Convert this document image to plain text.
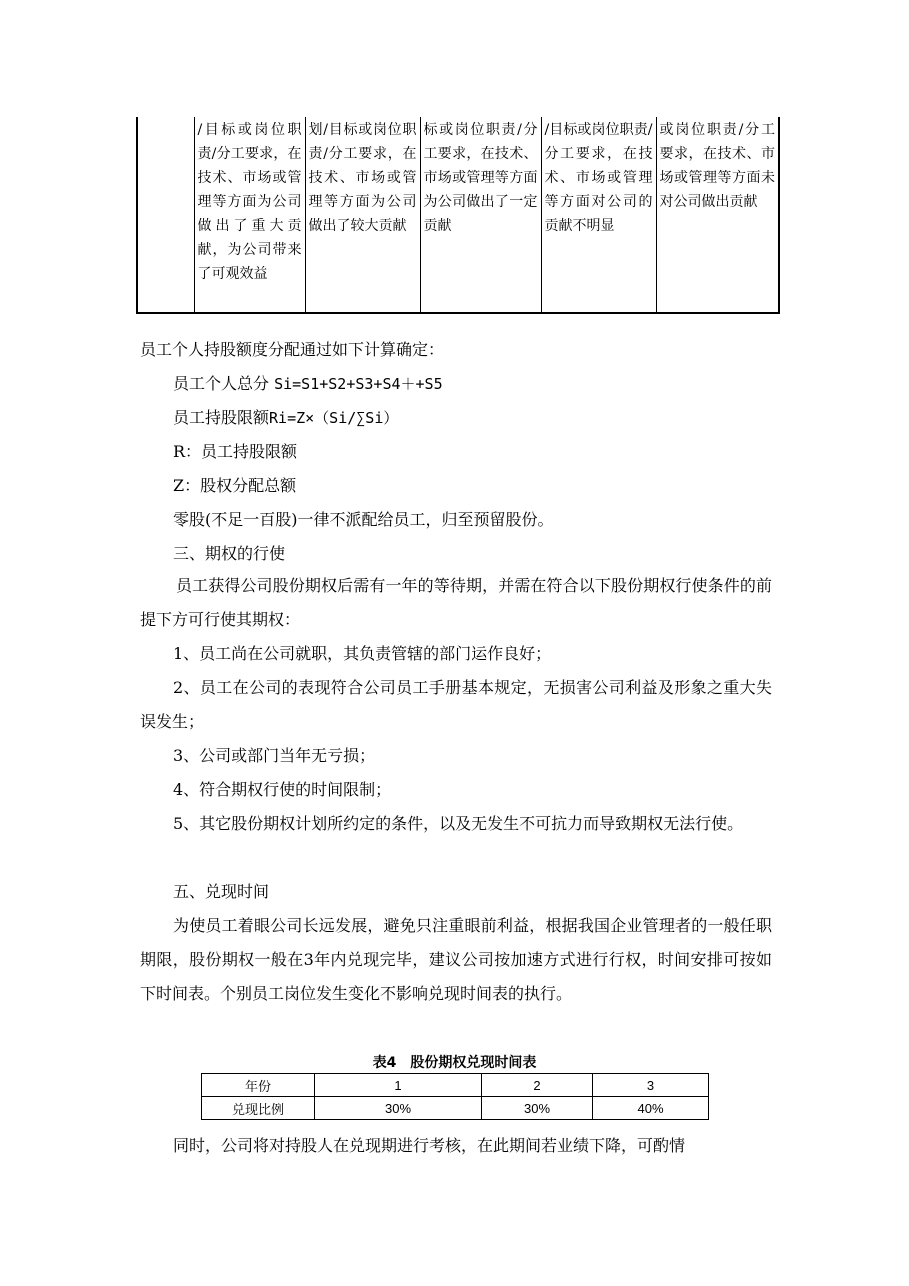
	/目标或岗位职责/分工要求，在技术、市场或管理等方面为公司做出了重大贡献，为公司带来了可观效益	划/目标或岗位职责/分工要求，在技术、市场或管理等方面为公司做出了较大贡献	标或岗位职责/分工要求，在技术、市场或管理等方面为公司做出了一定贡献	/目标或岗位职责/分工要求，在技术、市场或管理等方面对公司的贡献不明显	或岗位职责/分工要求，在技术、市场或管理等方面未对公司做出贡献
员工个人持股额度分配通过如下计算确定：
员工个人总分 Si=S1+S2+S3+S4＋+S5
员工持股限额Ri=Z×（Si/∑Si）
R：员工持股限额
Z：股权分配总额
零股(不足一百股)一律不派配给员工，归至预留股份。
三、期权的行使
员工获得公司股份期权后需有一年的等待期，并需在符合以下股份期权行使条件的前提下方可行使其期权：
1、员工尚在公司就职，其负责管辖的部门运作良好；
2、员工在公司的表现符合公司员工手册基本规定，无损害公司利益及形象之重大失误发生；
3、公司或部门当年无亏损；
4、符合期权行使的时间限制；
5、其它股份期权计划所约定的条件，以及无发生不可抗力而导致期权无法行使。
五、兑现时间
为使员工着眼公司长远发展，避免只注重眼前利益，根据我国企业管理者的一般任职期限，股份期权一般在3年内兑现完毕，建议公司按加速方式进行行权，时间安排可按如下时间表。个别员工岗位发生变化不影响兑现时间表的执行。
表4　股份期权兑现时间表
年份	1	2	3
兑现比例	30%	30%	40%
同时，公司将对持股人在兑现期进行考核，在此期间若业绩下降，可酌情
